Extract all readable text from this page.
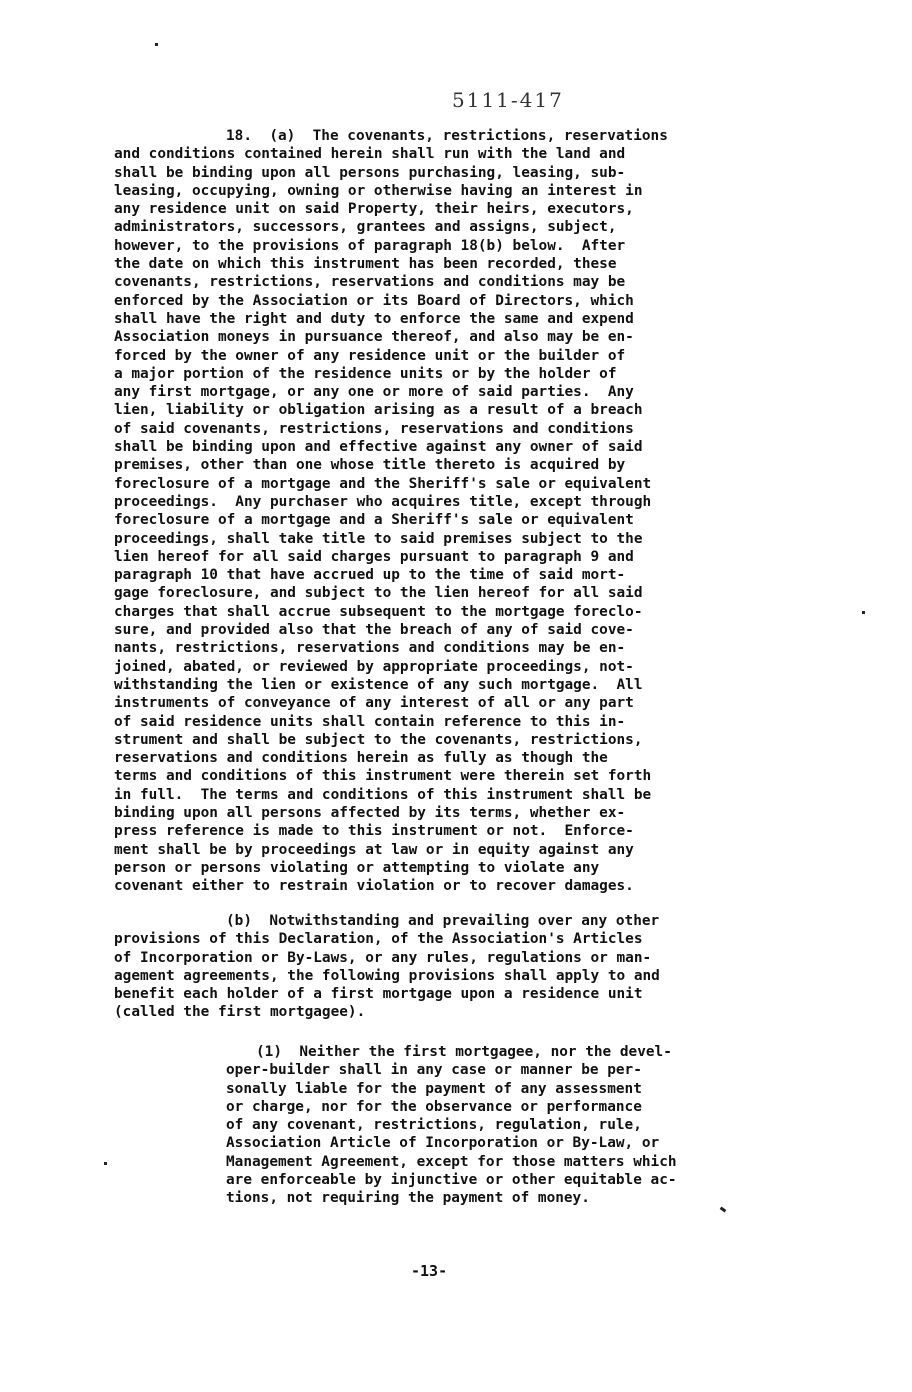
5111-417
18.  (a)  The covenants, restrictions, reservations
and conditions contained herein shall run with the land and
shall be binding upon all persons purchasing, leasing, sub-
leasing, occupying, owning or otherwise having an interest in
any residence unit on said Property, their heirs, executors,
administrators, successors, grantees and assigns, subject,
however, to the provisions of paragraph 18(b) below.  After
the date on which this instrument has been recorded, these
covenants, restrictions, reservations and conditions may be
enforced by the Association or its Board of Directors, which
shall have the right and duty to enforce the same and expend
Association moneys in pursuance thereof, and also may be en-
forced by the owner of any residence unit or the builder of
a major portion of the residence units or by the holder of
any first mortgage, or any one or more of said parties.  Any
lien, liability or obligation arising as a result of a breach
of said covenants, restrictions, reservations and conditions
shall be binding upon and effective against any owner of said
premises, other than one whose title thereto is acquired by
foreclosure of a mortgage and the Sheriff's sale or equivalent
proceedings.  Any purchaser who acquires title, except through
foreclosure of a mortgage and a Sheriff's sale or equivalent
proceedings, shall take title to said premises subject to the
lien hereof for all said charges pursuant to paragraph 9 and
paragraph 10 that have accrued up to the time of said mort-
gage foreclosure, and subject to the lien hereof for all said
charges that shall accrue subsequent to the mortgage foreclo-
sure, and provided also that the breach of any of said cove-
nants, restrictions, reservations and conditions may be en-
joined, abated, or reviewed by appropriate proceedings, not-
withstanding the lien or existence of any such mortgage.  All
instruments of conveyance of any interest of all or any part
of said residence units shall contain reference to this in-
strument and shall be subject to the covenants, restrictions,
reservations and conditions herein as fully as though the
terms and conditions of this instrument were therein set forth
in full.  The terms and conditions of this instrument shall be
binding upon all persons affected by its terms, whether ex-
press reference is made to this instrument or not.  Enforce-
ment shall be by proceedings at law or in equity against any
person or persons violating or attempting to violate any
covenant either to restrain violation or to recover damages.
(b)  Notwithstanding and prevailing over any other
provisions of this Declaration, of the Association's Articles
of Incorporation or By-Laws, or any rules, regulations or man-
agement agreements, the following provisions shall apply to and
benefit each holder of a first mortgage upon a residence unit
(called the first mortgagee).
(1)  Neither the first mortgagee, nor the devel-
oper-builder shall in any case or manner be per-
sonally liable for the payment of any assessment
or charge, nor for the observance or performance
of any covenant, restrictions, regulation, rule,
Association Article of Incorporation or By-Law, or
Management Agreement, except for those matters which
are enforceable by injunctive or other equitable ac-
tions, not requiring the payment of money.
-13-
